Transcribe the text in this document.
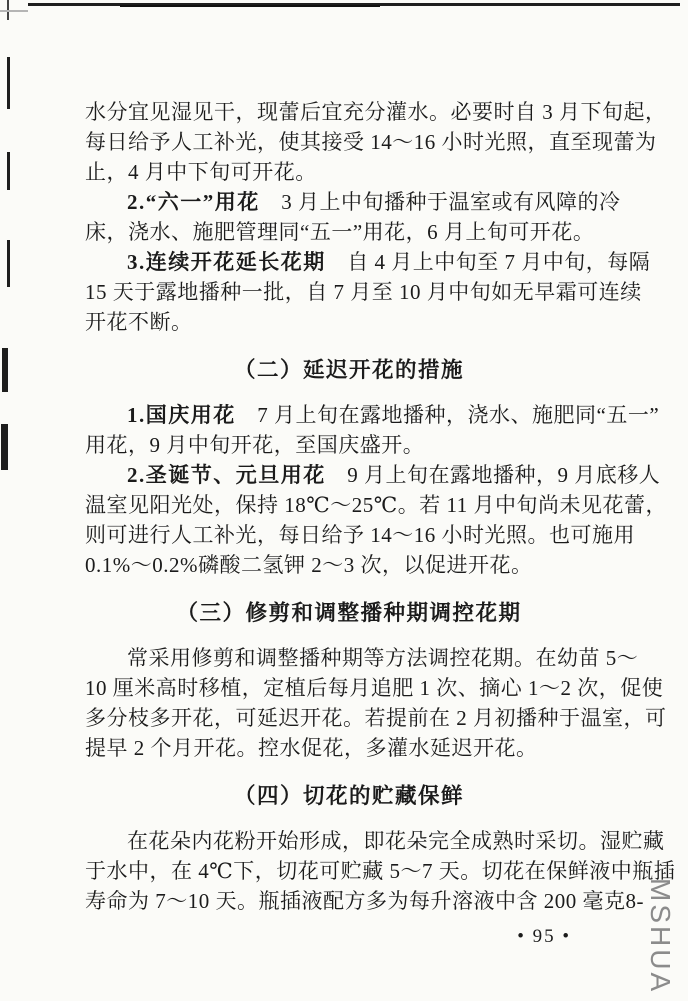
水分宜见湿见干，现蕾后宜充分灌水。必要时自 3 月下旬起，
每日给予人工补光，使其接受 14～16 小时光照，直至现蕾为
止，4 月中下旬可开花。
2.“六一”用花　3 月上中旬播种于温室或有风障的冷
床，浇水、施肥管理同“五一”用花，6 月上旬可开花。
3.连续开花延长花期　自 4 月上中旬至 7 月中旬，每隔
15 天于露地播种一批，自 7 月至 10 月中旬如无早霜可连续
开花不断。
（二）延迟开花的措施
1.国庆用花　7 月上旬在露地播种，浇水、施肥同“五一”
用花，9 月中旬开花，至国庆盛开。
2.圣诞节、元旦用花　9 月上旬在露地播种，9 月底移人
温室见阳光处，保持 18℃～25℃。若 11 月中旬尚未见花蕾，
则可进行人工补光，每日给予 14～16 小时光照。也可施用
0.1%～0.2%磷酸二氢钾 2～3 次，以促进开花。
（三）修剪和调整播种期调控花期
常采用修剪和调整播种期等方法调控花期。在幼苗 5～
10 厘米高时移植，定植后每月追肥 1 次、摘心 1～2 次，促使
多分枝多开花，可延迟开花。若提前在 2 月初播种于温室，可
提早 2 个月开花。控水促花，多灌水延迟开花。
（四）切花的贮藏保鲜
在花朵内花粉开始形成，即花朵完全成熟时采切。湿贮藏
于水中，在 4℃下，切花可贮藏 5～7 天。切花在保鲜液中瓶插
寿命为 7～10 天。瓶插液配方多为每升溶液中含 200 毫克8-
• 95 •	MSHUA
